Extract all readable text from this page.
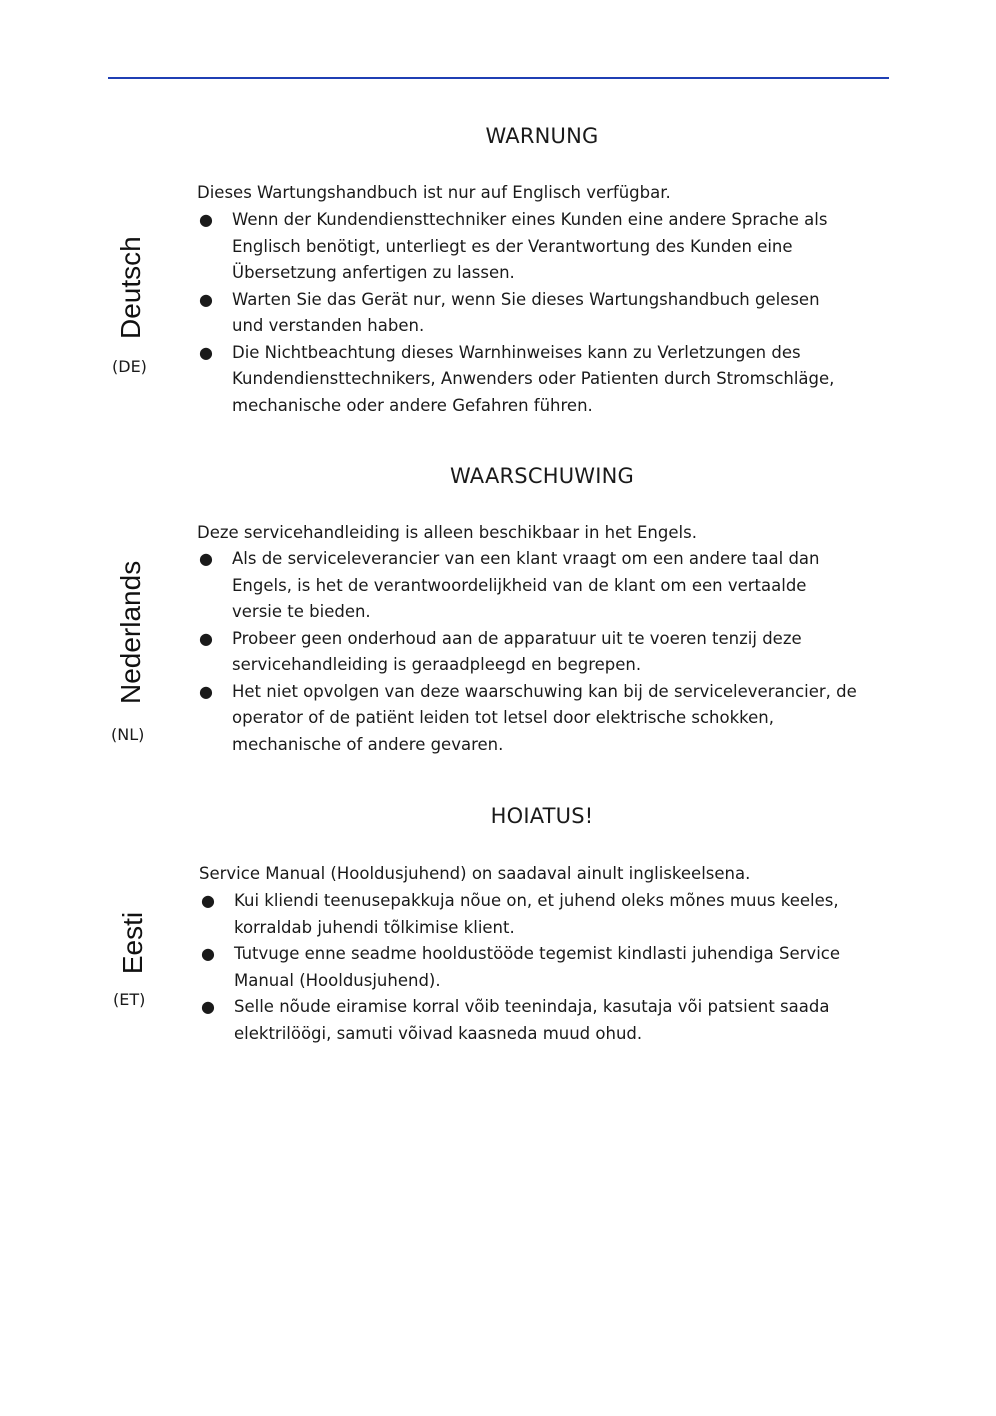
Deutsch
(DE)
WARNUNG

Dieses Wartungshandbuch ist nur auf Englisch verfügbar.

● Wenn der Kundendiensttechniker eines Kunden eine andere Sprache als
Englisch benötigt, unterliegt es der Verantwortung des Kunden eine
Übersetzung anfertigen zu lassen.
● Warten Sie das Gerät nur, wenn Sie dieses Wartungshandbuch gelesen
und verstanden haben.
● Die Nichtbeachtung dieses Warnhinweises kann zu Verletzungen des
Kundendiensttechnikers, Anwenders oder Patienten durch Stromschläge,
mechanische oder andere Gefahren führen.
Nederlands
(NL)
WAARSCHUWING

Deze servicehandleiding is alleen beschikbaar in het Engels.

● Als de serviceleverancier van een klant vraagt om een andere taal dan
Engels, is het de verantwoordelijkheid van de klant om een vertaalde
versie te bieden.
● Probeer geen onderhoud aan de apparatuur uit te voeren tenzij deze
servicehandleiding is geraadpleegd en begrepen.
● Het niet opvolgen van deze waarschuwing kan bij de serviceleverancier, de
operator of de patiënt leiden tot letsel door elektrische schokken,
mechanische of andere gevaren.
Eesti
(ET)
HOIATUS!

Service Manual (Hooldusjuhend) on saadaval ainult ingliskeelsena.

● Kui kliendi teenusepakkuja nõue on, et juhend oleks mõnes muus keeles,
korraldab juhendi tõlkimise klient.
● Tutvuge enne seadme hooldustööde tegemist kindlasti juhendiga Service
Manual (Hooldusjuhend).
● Selle nõude eiramise korral võib teenindaja, kasutaja või patsient saada
elektrilöögi, samuti võivad kaasneda muud ohud.
